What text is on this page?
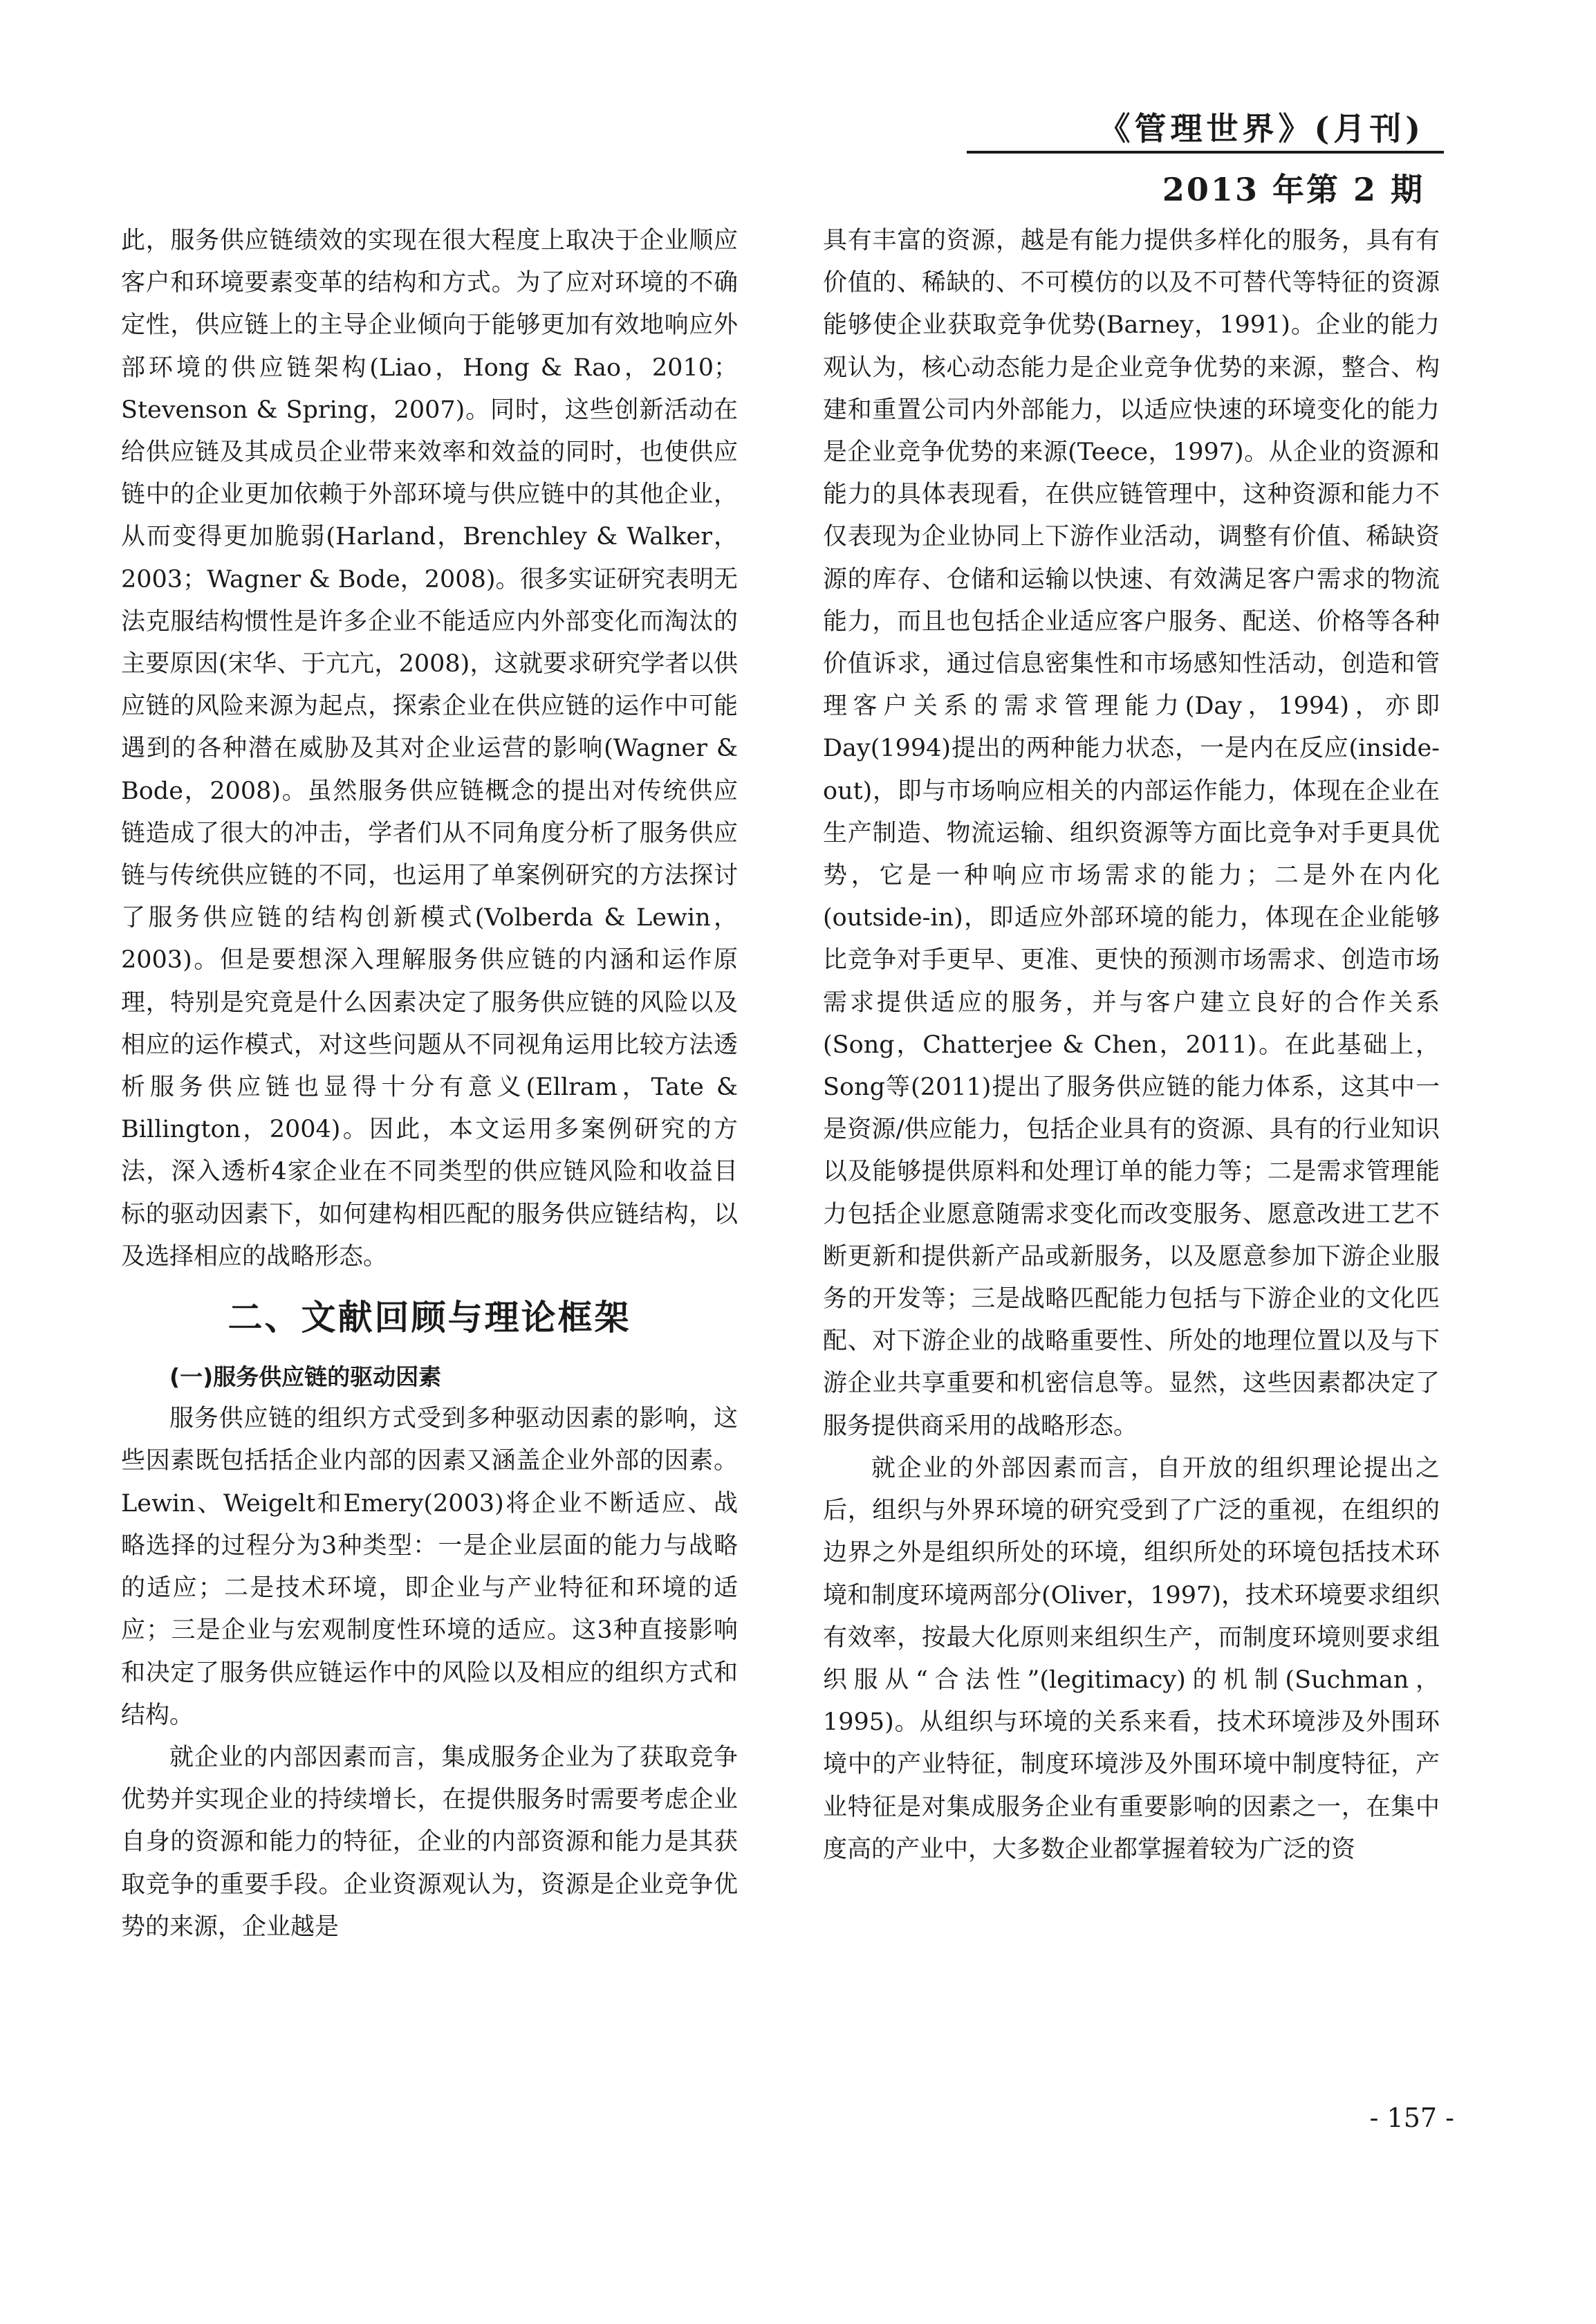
《管理世界》(月刊)
2013 年第 2 期

此，服务供应链绩效的实现在很大程度上取决于企业顺应客户和环境要素变革的结构和方式。为了应对环境的不确定性，供应链上的主导企业倾向于能够更加有效地响应外部环境的供应链架构(Liao，Hong & Rao，2010；Stevenson & Spring，2007)。同时，这些创新活动在给供应链及其成员企业带来效率和效益的同时，也使供应链中的企业更加依赖于外部环境与供应链中的其他企业，从而变得更加脆弱(Harland，Brenchley & Walker，2003；Wagner & Bode，2008)。很多实证研究表明无法克服结构惯性是许多企业不能适应内外部变化而淘汰的主要原因(宋华、于亢亢，2008)，这就要求研究学者以供应链的风险来源为起点，探索企业在供应链的运作中可能遇到的各种潜在威胁及其对企业运营的影响(Wagner & Bode，2008)。虽然服务供应链概念的提出对传统供应链造成了很大的冲击，学者们从不同角度分析了服务供应链与传统供应链的不同，也运用了单案例研究的方法探讨了服务供应链的结构创新模式(Volberda & Lewin，2003)。但是要想深入理解服务供应链的内涵和运作原理，特别是究竟是什么因素决定了服务供应链的风险以及相应的运作模式，对这些问题从不同视角运用比较方法透析服务供应链也显得十分有意义(Ellram，Tate & Billington，2004)。因此，本文运用多案例研究的方法，深入透析4家企业在不同类型的供应链风险和收益目标的驱动因素下，如何建构相匹配的服务供应链结构，以及选择相应的战略形态。

二、文献回顾与理论框架
(一)服务供应链的驱动因素

服务供应链的组织方式受到多种驱动因素的影响，这些因素既包括括企业内部的因素又涵盖企业外部的因素。Lewin、Weigelt和Emery(2003)将企业不断适应、战略选择的过程分为3种类型：一是企业层面的能力与战略的适应；二是技术环境，即企业与产业特征和环境的适应；三是企业与宏观制度性环境的适应。这3种直接影响和决定了服务供应链运作中的风险以及相应的组织方式和结构。

就企业的内部因素而言，集成服务企业为了获取竞争优势并实现企业的持续增长，在提供服务时需要考虑企业自身的资源和能力的特征，企业的内部资源和能力是其获取竞争的重要手段。企业资源观认为，资源是企业竞争优势的来源，企业越是

具有丰富的资源，越是有能力提供多样化的服务，具有有价值的、稀缺的、不可模仿的以及不可替代等特征的资源能够使企业获取竞争优势(Barney，1991)。企业的能力观认为，核心动态能力是企业竞争优势的来源，整合、构建和重置公司内外部能力，以适应快速的环境变化的能力是企业竞争优势的来源(Teece，1997)。从企业的资源和能力的具体表现看，在供应链管理中，这种资源和能力不仅表现为企业协同上下游作业活动，调整有价值、稀缺资源的库存、仓储和运输以快速、有效满足客户需求的物流能力，而且也包括企业适应客户服务、配送、价格等各种价值诉求，通过信息密集性和市场感知性活动，创造和管理客户关系的需求管理能力(Day，1994)，亦即Day(1994)提出的两种能力状态，一是内在反应(inside-out)，即与市场响应相关的内部运作能力，体现在企业在生产制造、物流运输、组织资源等方面比竞争对手更具优势，它是一种响应市场需求的能力；二是外在内化(outside-in)，即适应外部环境的能力，体现在企业能够比竞争对手更早、更准、更快的预测市场需求、创造市场需求提供适应的服务，并与客户建立良好的合作关系(Song，Chatterjee & Chen，2011)。在此基础上，Song等(2011)提出了服务供应链的能力体系，这其中一是资源/供应能力，包括企业具有的资源、具有的行业知识以及能够提供原料和处理订单的能力等；二是需求管理能力包括企业愿意随需求变化而改变服务、愿意改进工艺不断更新和提供新产品或新服务，以及愿意参加下游企业服务的开发等；三是战略匹配能力包括与下游企业的文化匹配、对下游企业的战略重要性、所处的地理位置以及与下游企业共享重要和机密信息等。显然，这些因素都决定了服务提供商采用的战略形态。

就企业的外部因素而言，自开放的组织理论提出之后，组织与外界环境的研究受到了广泛的重视，在组织的边界之外是组织所处的环境，组织所处的环境包括技术环境和制度环境两部分(Oliver，1997)，技术环境要求组织有效率，按最大化原则来组织生产，而制度环境则要求组织服从“合法性”(legitimacy)的机制(Suchman，1995)。从组织与环境的关系来看，技术环境涉及外围环境中的产业特征，制度环境涉及外围环境中制度特征，产业特征是对集成服务企业有重要影响的因素之一，在集中度高的产业中，大多数企业都掌握着较为广泛的资

- 157 -
